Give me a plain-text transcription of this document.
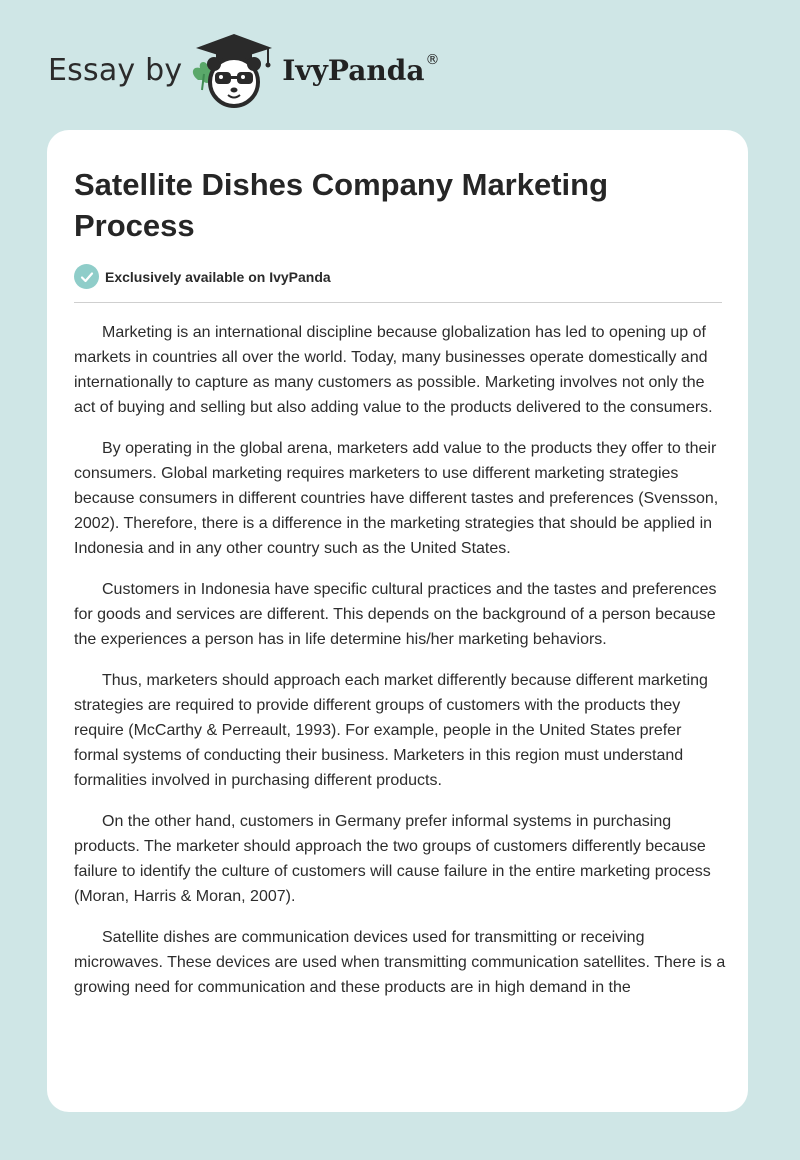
Essay by	IvyPanda ®
Satellite Dishes Company Marketing Process
Exclusively available on IvyPanda

Marketing is an international discipline because globalization has led to opening up of markets in countries all over the world. Today, many businesses operate domestically and internationally to capture as many customers as possible. Marketing involves not only the act of buying and selling but also adding value to the products delivered to the consumers.

By operating in the global arena, marketers add value to the products they offer to their consumers. Global marketing requires marketers to use different marketing strategies because consumers in different countries have different tastes and preferences (Svensson, 2002). Therefore, there is a difference in the marketing strategies that should be applied in Indonesia and in any other country such as the United States.

Customers in Indonesia have specific cultural practices and the tastes and preferences for goods and services are different. This depends on the background of a person because the experiences a person has in life determine his/her marketing behaviors.

Thus, marketers should approach each market differently because different marketing strategies are required to provide different groups of customers with the products they require (McCarthy & Perreault, 1993). For example, people in the United States prefer formal systems of conducting their business. Marketers in this region must understand formalities involved in purchasing different products.

On the other hand, customers in Germany prefer informal systems in purchasing products. The marketer should approach the two groups of customers differently because failure to identify the culture of customers will cause failure in the entire marketing process (Moran, Harris & Moran, 2007).

Satellite dishes are communication devices used for transmitting or receiving microwaves. These devices are used when transmitting communication satellites. There is a growing need for communication and these products are in high demand in the
